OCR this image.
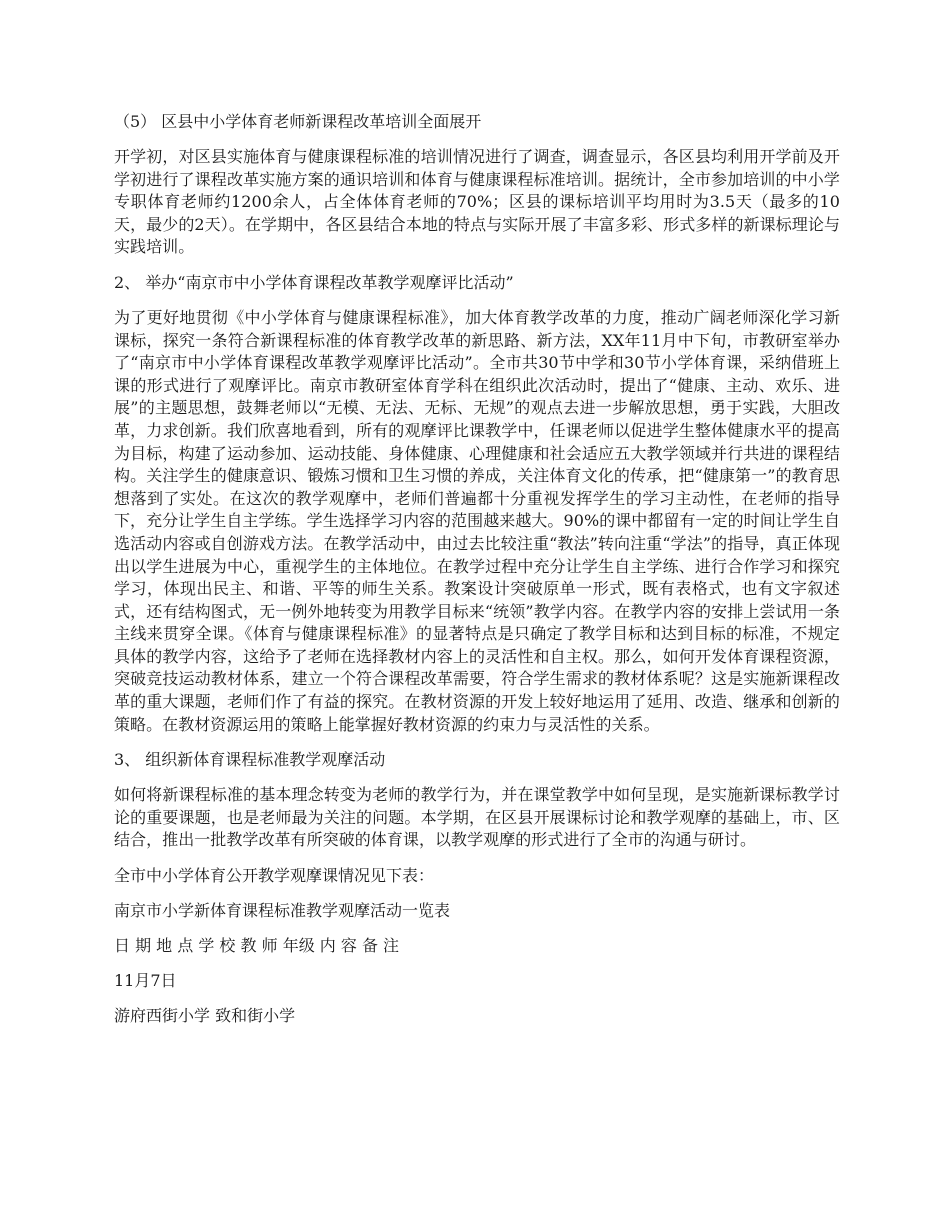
（5） 区县中小学体育老师新课程改革培训全面展开
开学初，对区县实施体育与健康课程标准的培训情况进行了调查，调查显示，各区县均利用开学前及开学初进行了课程改革实施方案的通识培训和体育与健康课程标准培训。据统计，全市参加培训的中小学专职体育老师约1200余人，占全体体育老师的70%；区县的课标培训平均用时为3.5天（最多的10天，最少的2天）。在学期中，各区县结合本地的特点与实际开展了丰富多彩、形式多样的新课标理论与实践培训。
2、 举办“南京市中小学体育课程改革教学观摩评比活动”
为了更好地贯彻《中小学体育与健康课程标准》，加大体育教学改革的力度，推动广阔老师深化学习新课标，探究一条符合新课程标准的体育教学改革的新思路、新方法，XX年11月中下旬，市教研室举办了“南京市中小学体育课程改革教学观摩评比活动”。全市共30节中学和30节小学体育课，采纳借班上课的形式进行了观摩评比。南京市教研室体育学科在组织此次活动时，提出了“健康、主动、欢乐、进展”的主题思想，鼓舞老师以“无模、无法、无标、无规”的观点去进一步解放思想，勇于实践，大胆改革，力求创新。我们欣喜地看到，所有的观摩评比课教学中，任课老师以促进学生整体健康水平的提高为目标，构建了运动参加、运动技能、身体健康、心理健康和社会适应五大教学领域并行共进的课程结构。关注学生的健康意识、锻炼习惯和卫生习惯的养成，关注体育文化的传承，把“健康第一”的教育思想落到了实处。在这次的教学观摩中，老师们普遍都十分重视发挥学生的学习主动性，在老师的指导下，充分让学生自主学练。学生选择学习内容的范围越来越大。90%的课中都留有一定的时间让学生自选活动内容或自创游戏方法。在教学活动中，由过去比较注重“教法”转向注重“学法”的指导，真正体现出以学生进展为中心，重视学生的主体地位。在教学过程中充分让学生自主学练、进行合作学习和探究学习，体现出民主、和谐、平等的师生关系。教案设计突破原单一形式，既有表格式，也有文字叙述式，还有结构图式，无一例外地转变为用教学目标来“统领”教学内容。在教学内容的安排上尝试用一条主线来贯穿全课。《体育与健康课程标准》的显著特点是只确定了教学目标和达到目标的标准，不规定具体的教学内容，这给予了老师在选择教材内容上的灵活性和自主权。那么，如何开发体育课程资源，突破竞技运动教材体系，建立一个符合课程改革需要，符合学生需求的教材体系呢？这是实施新课程改革的重大课题，老师们作了有益的探究。在教材资源的开发上较好地运用了延用、改造、继承和创新的策略。在教材资源运用的策略上能掌握好教材资源的约束力与灵活性的关系。
3、 组织新体育课程标准教学观摩活动
如何将新课程标准的基本理念转变为老师的教学行为，并在课堂教学中如何呈现，是实施新课标教学讨论的重要课题，也是老师最为关注的问题。本学期，在区县开展课标讨论和教学观摩的基础上，市、区结合，推出一批教学改革有所突破的体育课，以教学观摩的形式进行了全市的沟通与研讨。
全市中小学体育公开教学观摩课情况见下表：
南京市小学新体育课程标准教学观摩活动一览表
日 期 地 点 学 校 教 师 年级 内 容 备 注
11月7日
游府西街小学 致和街小学
